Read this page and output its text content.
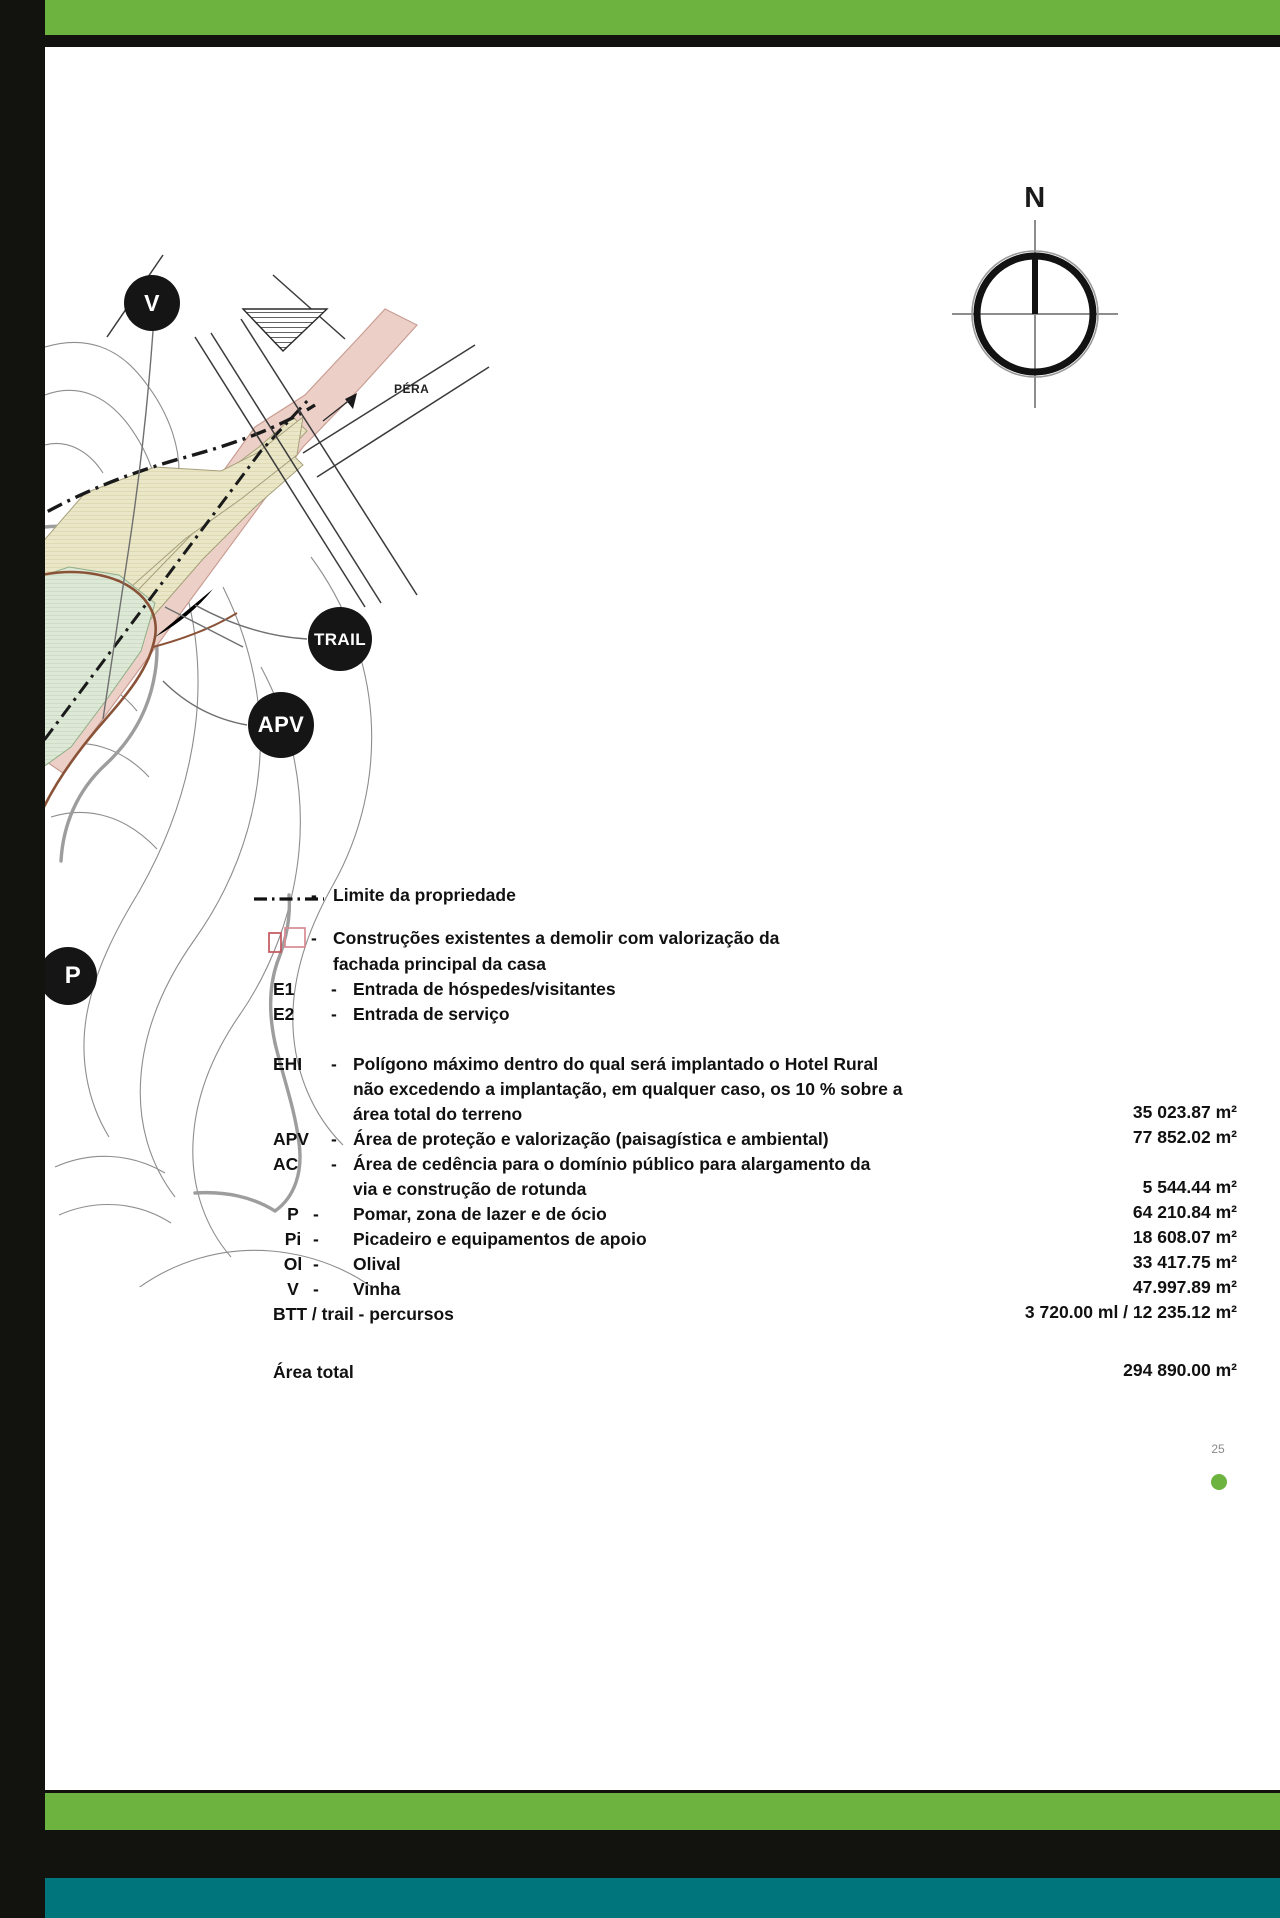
N
V
TRAIL
APV
P
PÉRA
- Limite da propriedade
- Construções existentes a demolir com valorização da
fachada principal da casa
E1	- Entrada de hóspedes/visitantes
E2	- Entrada de serviço
EHI	- Polígono máximo dentro do qual será implantado o Hotel Rural
não excedendo a implantação, em qualquer caso, os 10 % sobre a
área total do terreno	35 023.87 m²
APV	- Área de proteção e valorização (paisagística e ambiental)	77 852.02 m²
AC	- Área de cedência para o domínio público para alargamento da
via e construção de rotunda	5 544.44 m²
P -	Pomar, zona de lazer e de ócio	64 210.84 m²
Pi -	Picadeiro e equipamentos de apoio	18 608.07 m²
Ol -	Olival	33 417.75 m²
V -	Vinha	47.997.89 m²
BTT / trail - percursos	3 720.00 ml / 12 235.12 m²
Área total	294 890.00 m²
25
